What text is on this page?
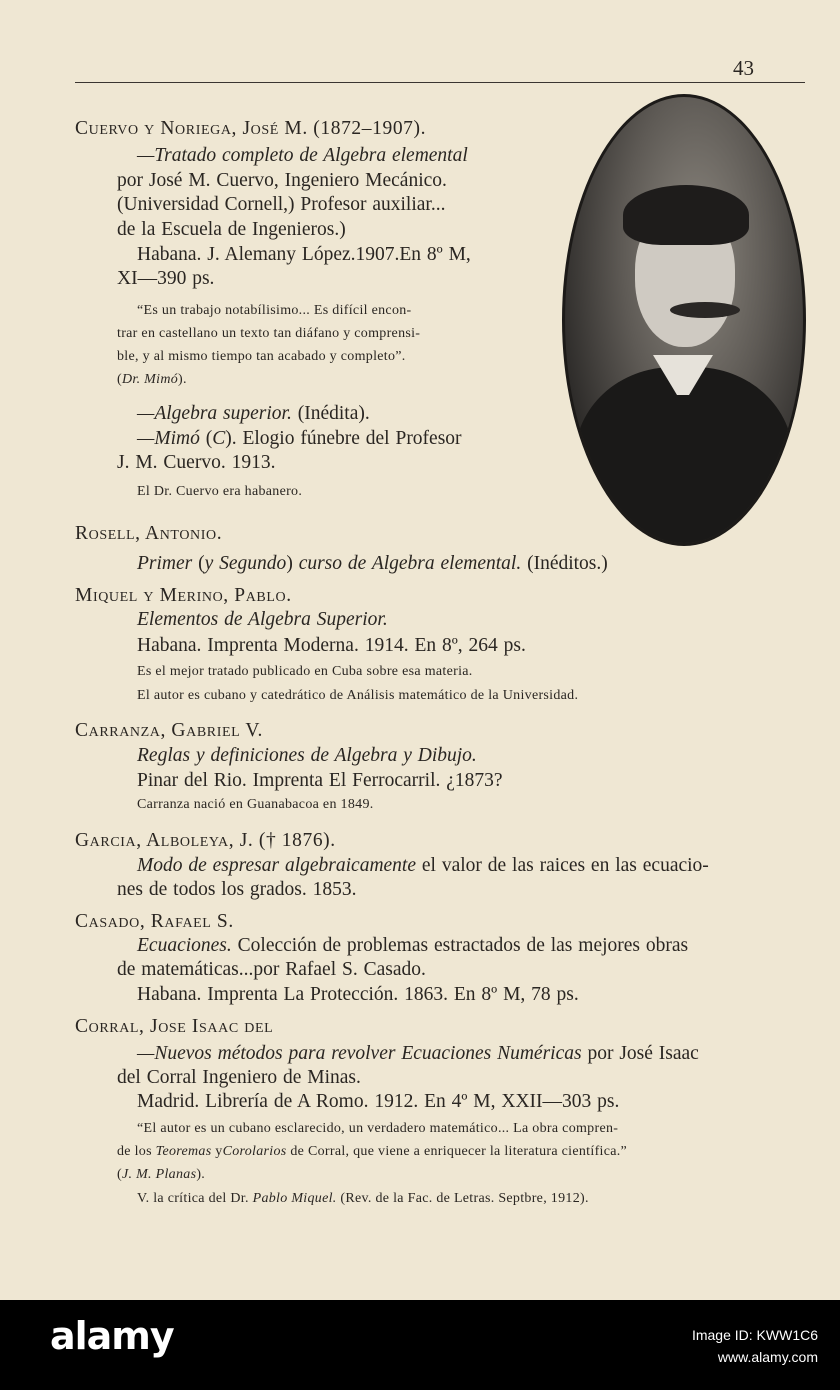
43
Cuervo y Noriega, José M. (1872–1907).
—Tratado completo de Algebra elemental
por José M. Cuervo, Ingeniero Mecánico.
(Universidad Cornell,) Profesor auxiliar...
de la Escuela de Ingenieros.)
Habana. J. Alemany López.1907.En 8º M,
XI—390 ps.
“Es un trabajo notabílisimo... Es difícil encon-
trar en castellano un texto tan diáfano y comprensi-
ble, y al mismo tiempo tan acabado y completo”.
(Dr. Mimó).
—Algebra superior. (Inédita).
—Mimó (C). Elogio fúnebre del Profesor
J. M. Cuervo. 1913.
El Dr. Cuervo era habanero.
Rosell, Antonio.
Primer (y Segundo) curso de Algebra elemental. (Inéditos.)
Miquel y Merino, Pablo.
Elementos de Algebra Superior.
Habana. Imprenta Moderna. 1914. En 8º, 264 ps.
Es el mejor tratado publicado en Cuba sobre esa materia.
El autor es cubano y catedrático de Análisis matemático de la Universidad.
Carranza, Gabriel V.
Reglas y definiciones de Algebra y Dibujo.
Pinar del Rio. Imprenta El Ferrocarril. ¿1873?
Carranza nació en Guanabacoa en 1849.
Garcia, Alboleya, J. († 1876).
Modo de espresar algebraicamente el valor de las raices en las ecuacio-
nes de todos los grados. 1853.
Casado, Rafael S.
Ecuaciones. Colección de problemas estractados de las mejores obras
de matemáticas...por Rafael S. Casado.
Habana. Imprenta La Protección. 1863. En 8º M, 78 ps.
Corral, Jose Isaac del
—Nuevos métodos para revolver Ecuaciones Numéricas por José Isaac
del Corral Ingeniero de Minas.
Madrid. Librería de A Romo. 1912. En 4º M, XXII—303 ps.
“El autor es un cubano esclarecido, un verdadero matemático... La obra compren-
de los Teoremas yCorolarios de Corral, que viene a enriquecer la literatura científica.”
(J. M. Planas).
V. la crítica del Dr. Pablo Miquel. (Rev. de la Fac. de Letras. Septbre, 1912).
alamy	Image ID: KWW1C6
www.alamy.com
